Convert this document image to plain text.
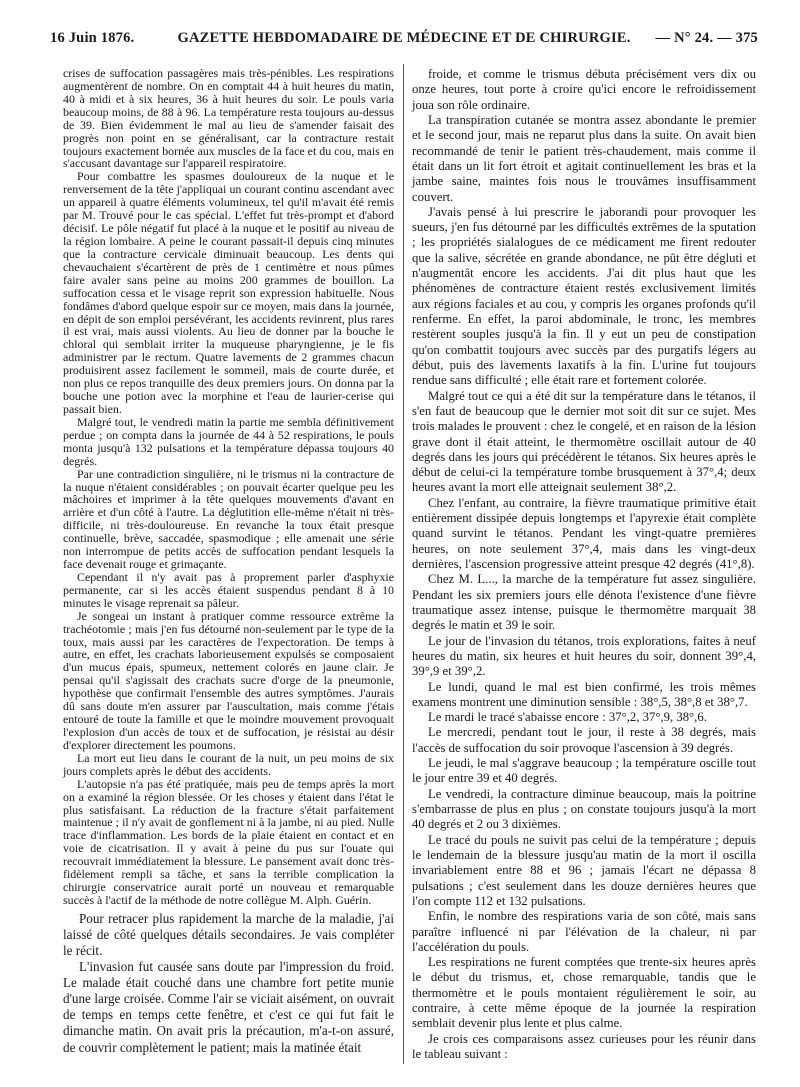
16 Juin 1876.	GAZETTE HEBDOMADAIRE DE MÉDECINE ET DE CHIRURGIE.	— N° 24. — 375

crises de suffocation passagères mais très-pénibles. Les respirations augmentèrent de nombre. On en comptait 44 à huit heures du matin, 40 à midi et à six heures, 36 à huit heures du soir. Le pouls varia beaucoup moins, de 88 à 96. La température resta toujours au-dessus de 39. Bien évidemment le mal au lieu de s'amender faisait des progrès non point en se généralisant, car la contracture restait toujours exactement bornée aux muscles de la face et du cou, mais en s'accusant davantage sur l'appareil respiratoire.

Pour combattre les spasmes douloureux de la nuque et le renversement de la tête j'appliquai un courant continu ascendant avec un appareil à quatre éléments volumineux, tel qu'il m'avait été remis par M. Trouvé pour le cas spécial. L'effet fut très-prompt et d'abord décisif. Le pôle négatif fut placé à la nuque et le positif au niveau de la région lombaire. A peine le courant passait-il depuis cinq minutes que la contracture cervicale diminuait beaucoup. Les dents qui chevauchaient s'écartèrent de près de 1 centimètre et nous pûmes faire avaler sans peine au moins 200 grammes de bouillon. La suffocation cessa et le visage reprit son expression habituelle. Nous fondâmes d'abord quelque espoir sur ce moyen, mais dans la journée, en dépit de son emploi persévérant, les accidents revinrent, plus rares il est vrai, mais aussi violents. Au lieu de donner par la bouche le chloral qui semblait irriter la muqueuse pharyngienne, je le fis administrer par le rectum. Quatre lavements de 2 grammes chacun produisirent assez facilement le sommeil, mais de courte durée, et non plus ce repos tranquille des deux premiers jours. On donna par la bouche une potion avec la morphine et l'eau de laurier-cerise qui passait bien.

Malgré tout, le vendredi matin la partie me sembla définitivement perdue ; on compta dans la journée de 44 à 52 respirations, le pouls monta jusqu'à 132 pulsations et la température dépassa toujours 40 degrés.

Par une contradiction singulière, ni le trismus ni la contracture de la nuque n'étaient considérables ; on pouvait écarter quelque peu les mâchoires et imprimer à la tête quelques mouvements d'avant en arrière et d'un côté à l'autre. La déglutition elle-même n'était ni très-difficile, ni très-douloureuse. En revanche la toux était presque continuelle, brève, saccadée, spasmodique ; elle amenait une série non interrompue de petits accès de suffocation pendant lesquels la face devenait rouge et grimaçante.

Cependant il n'y avait pas à proprement parler d'asphyxie permanente, car si les accès étaient suspendus pendant 8 à 10 minutes le visage reprenait sa pâleur.

Je songeai un instant à pratiquer comme ressource extrême la trachéotomie ; mais j'en fus détourné non-seulement par le type de la toux, mais aussi par les caractères de l'expectoration. De temps à autre, en effet, les crachats laborieusement expulsés se composaient d'un mucus épais, spumeux, nettement colorés en jaune clair. Je pensai qu'il s'agissait des crachats sucre d'orge de la pneumonie, hypothèse que confirmait l'ensemble des autres symptômes. J'aurais dû sans doute m'en assurer par l'auscultation, mais comme j'étais entouré de toute la famille et que le moindre mouvement provoquait l'explosion d'un accès de toux et de suffocation, je résistai au désir d'explorer directement les poumons.

La mort eut lieu dans le courant de la nuit, un peu moins de six jours complets après le début des accidents.

L'autopsie n'a pas été pratiquée, mais peu de temps après la mort on a examiné la région blessée. Or les choses y étaient dans l'état le plus satisfaisant. La réduction de la fracture s'était parfaitement maintenue ; il n'y avait de gonflement ni à la jambe, ni au pied. Nulle trace d'inflammation. Les bords de la plaie étaient en contact et en voie de cicatrisation. Il y avait à peine du pus sur l'ouate qui recouvrait immédiatement la blessure. Le pansement avait donc très-fidèlement rempli sa tâche, et sans la terrible complication la chirurgie conservatrice aurait porté un nouveau et remarquable succès à l'actif de la méthode de notre collègue M. Alph. Guérin.

Pour retracer plus rapidement la marche de la maladie, j'ai laissé de côté quelques détails secondaires. Je vais compléter le récit.

L'invasion fut causée sans doute par l'impression du froid. Le malade était couché dans une chambre fort petite munie d'une large croisée. Comme l'air se viciait aisément, on ouvrait de temps en temps cette fenêtre, et c'est ce qui fut fait le dimanche matin. On avait pris la précaution, m'a-t-on assuré, de couvrir complètement le patient; mais la matinée était

froide, et comme le trismus débuta précisément vers dix ou onze heures, tout porte à croire qu'ici encore le refroidissement joua son rôle ordinaire.

La transpiration cutanée se montra assez abondante le premier et le second jour, mais ne reparut plus dans la suite. On avait bien recommandé de tenir le patient très-chaudement, mais comme il était dans un lit fort étroit et agitait continuellement les bras et la jambe saine, maintes fois nous le trouvâmes insuffisamment couvert.

J'avais pensé à lui prescrire le jaborandi pour provoquer les sueurs, j'en fus détourné par les difficultés extrêmes de la sputation ; les propriétés sialalogues de ce médicament me firent redouter que la salive, sécrétée en grande abondance, ne pût être dégluti et n'augmentât encore les accidents. J'ai dit plus haut que les phénomènes de contracture étaient restés exclusivement limités aux régions faciales et au cou, y compris les organes profonds qu'il renferme. En effet, la paroi abdominale, le tronc, les membres restèrent souples jusqu'à la fin. Il y eut un peu de constipation qu'on combattit toujours avec succès par des purgatifs légers au début, puis des lavements laxatifs à la fin. L'urine fut toujours rendue sans difficulté ; elle était rare et fortement colorée.

Malgré tout ce qui a été dit sur la température dans le tétanos, il s'en faut de beaucoup que le dernier mot soit dit sur ce sujet. Mes trois malades le prouvent : chez le congelé, et en raison de la lésion grave dont il était atteint, le thermomètre oscillait autour de 40 degrés dans les jours qui précédèrent le tétanos. Six heures après le début de celui-ci la température tombe brusquement à 37°,4; deux heures avant la mort elle atteignait seulement 38°,2.

Chez l'enfant, au contraire, la fièvre traumatique primitive était entièrement dissipée depuis longtemps et l'apyrexie était complète quand survint le tétanos. Pendant les vingt-quatre premières heures, on note seulement 37°,4, mais dans les vingt-deux dernières, l'ascension progressive atteint presque 42 degrés (41°,8).

Chez M. L..., la marche de la température fut assez singulière. Pendant les six premiers jours elle dénota l'existence d'une fièvre traumatique assez intense, puisque le thermomètre marquait 38 degrés le matin et 39 le soir.

Le jour de l'invasion du tétanos, trois explorations, faites à neuf heures du matin, six heures et huit heures du soir, donnent 39°,4, 39°,9 et 39°,2.

Le lundi, quand le mal est bien confirmé, les trois mêmes examens montrent une diminution sensible : 38°,5, 38°,8 et 38°,7.

Le mardi le tracé s'abaisse encore : 37°,2, 37°,9, 38°,6.

Le mercredi, pendant tout le jour, il reste à 38 degrés, mais l'accès de suffocation du soir provoque l'ascension à 39 degrés.

Le jeudi, le mal s'aggrave beaucoup ; la température oscille tout le jour entre 39 et 40 degrés.

Le vendredi, la contracture diminue beaucoup, mais la poitrine s'embarrasse de plus en plus ; on constate toujours jusqu'à la mort 40 degrés et 2 ou 3 dixièmes.

Le tracé du pouls ne suivit pas celui de la température ; depuis le lendemain de la blessure jusqu'au matin de la mort il oscilla invariablement entre 88 et 96 ; jamais l'écart ne dépassa 8 pulsations ; c'est seulement dans les douze dernières heures que l'on compte 112 et 132 pulsations.

Enfin, le nombre des respirations varia de son côté, mais sans paraître influencé ni par l'élévation de la chaleur, ni par l'accélération du pouls.

Les respirations ne furent comptées que trente-six heures après le début du trismus, et, chose remarquable, tandis que le thermomètre et le pouls montaient régulièrement le soir, au contraire, à cette même époque de la journée la respiration semblait devenir plus lente et plus calme.

Je crois ces comparaisons assez curieuses pour les réunir dans le tableau suivant :
